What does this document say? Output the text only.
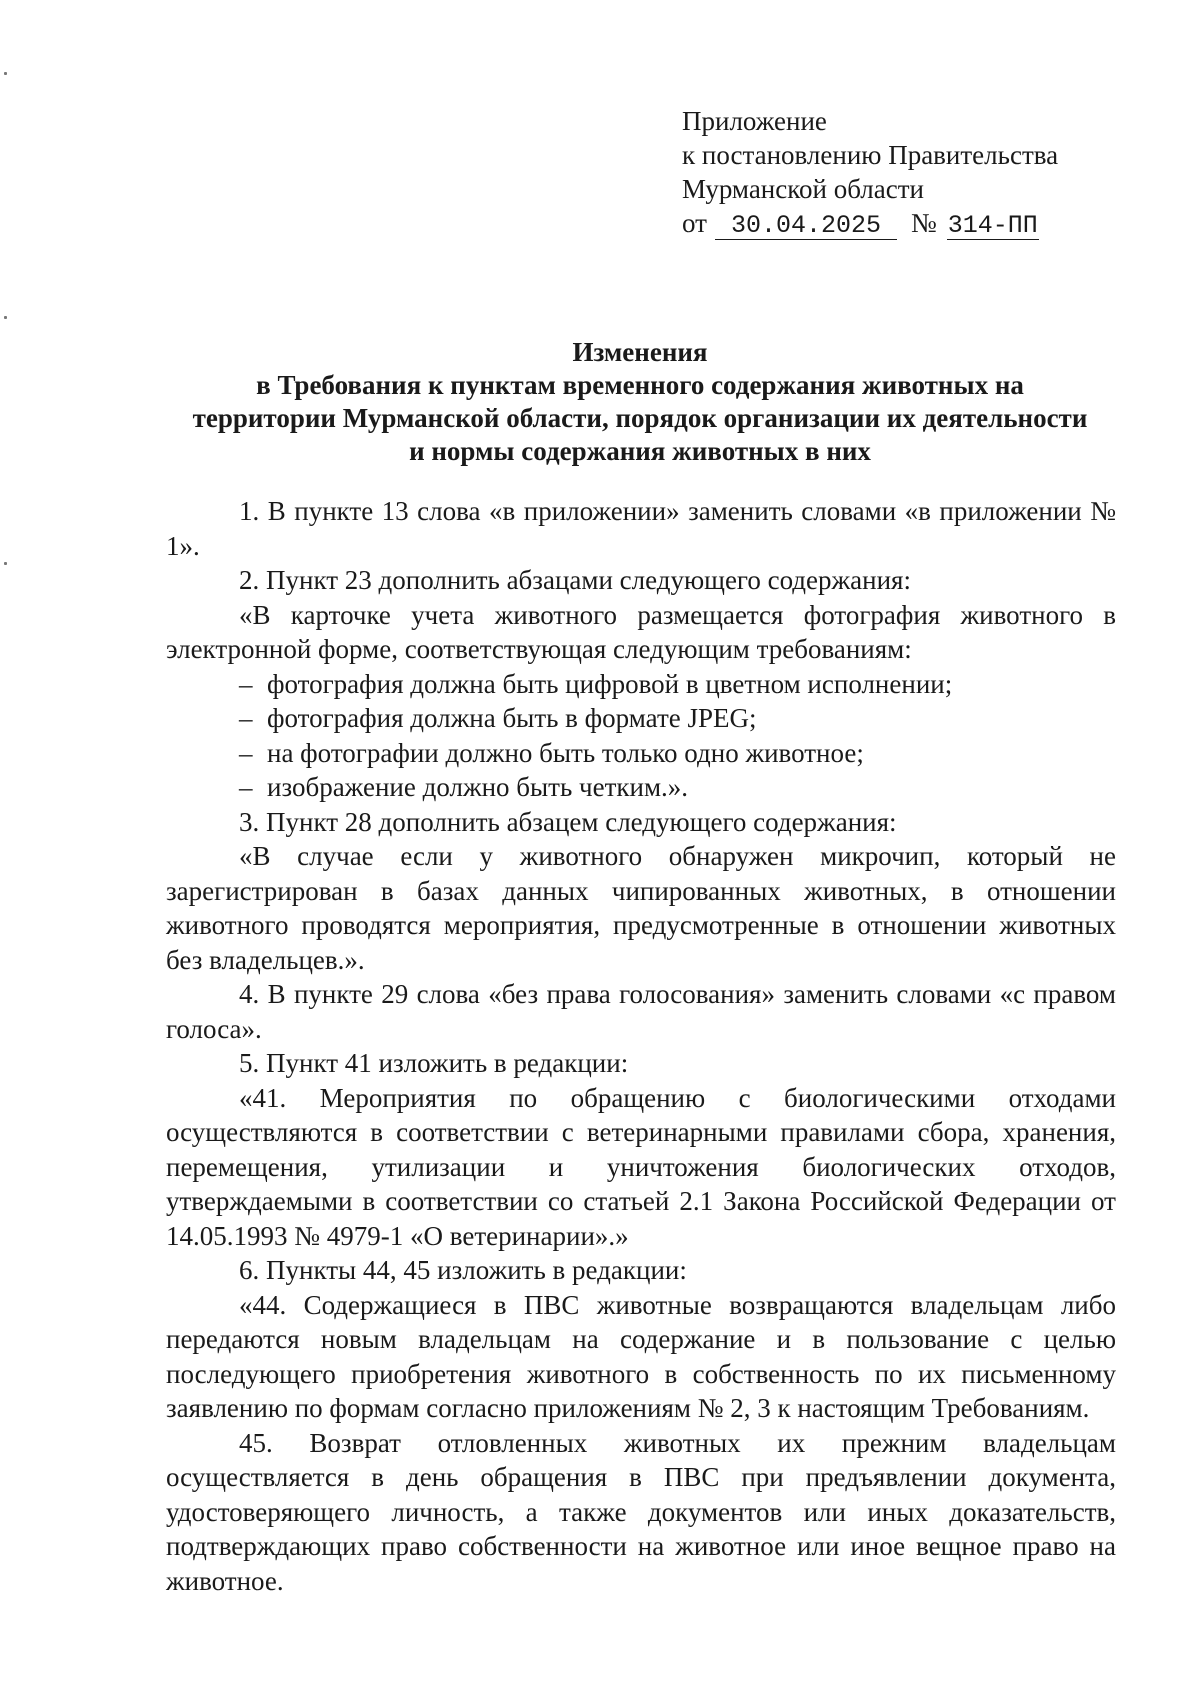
Приложение
к постановлению Правительства
Мурманской области
от 30.04.2025 № 314-ПП
Изменения
в Требования к пунктам временного содержания животных на
территории Мурманской области, порядок организации их деятельности
и нормы содержания животных в них

1. В пункте 13 слова «в приложении» заменить словами «в приложении № 1».

2. Пункт 23 дополнить абзацами следующего содержания:

«В карточке учета животного размещается фотография животного в электронной форме, соответствующая следующим требованиям:

– фотография должна быть цифровой в цветном исполнении;

– фотография должна быть в формате JPEG;

– на фотографии должно быть только одно животное;

– изображение должно быть четким.».

3. Пункт 28 дополнить абзацем следующего содержания:

«В случае если у животного обнаружен микрочип, который не зарегистрирован в базах данных чипированных животных, в отношении животного проводятся мероприятия, предусмотренные в отношении животных без владельцев.».

4. В пункте 29 слова «без права голосования» заменить словами «с правом голоса».

5. Пункт 41 изложить в редакции:

«41. Мероприятия по обращению с биологическими отходами осуществляются в соответствии с ветеринарными правилами сбора, хранения, перемещения, утилизации и уничтожения биологических отходов, утверждаемыми в соответствии со статьей 2.1 Закона Российской Федерации от 14.05.1993 № 4979-1 «О ветеринарии».»

6. Пункты 44, 45 изложить в редакции:

«44. Содержащиеся в ПВС животные возвращаются владельцам либо передаются новым владельцам на содержание и в пользование с целью последующего приобретения животного в собственность по их письменному заявлению по формам согласно приложениям № 2, 3 к настоящим Требованиям.

45. Возврат отловленных животных их прежним владельцам осуществляется в день обращения в ПВС при предъявлении документа, удостоверяющего личность, а также документов или иных доказательств, подтверждающих право собственности на животное или иное вещное право на животное.
